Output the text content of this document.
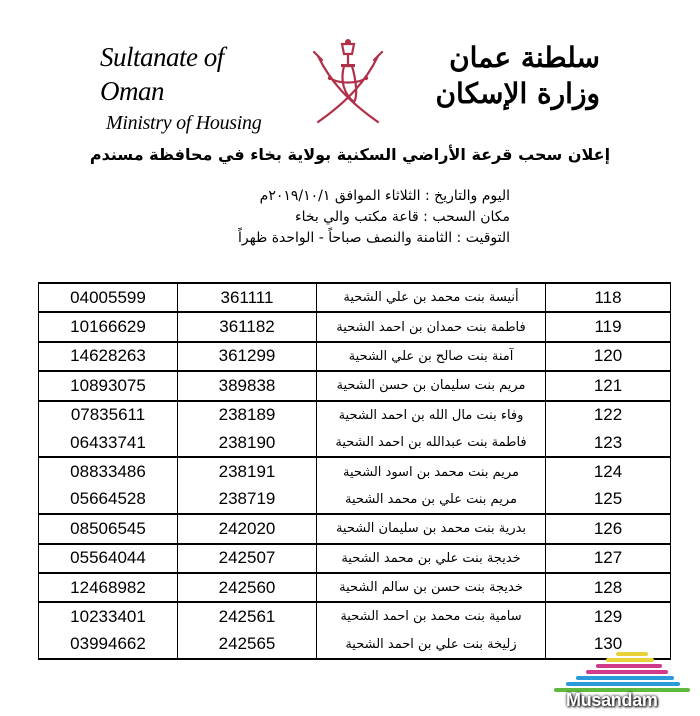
Sultanate of Oman
Ministry of Housing
سلطنة عمان
وزارة الإسكان
إعلان سحب قرعة الأراضي السكنية بولاية بخاء في محافظة مسندم
اليوم والتاريخ : الثلاثاء الموافق ٢٠١٩/١٠/١م
مكان السحب : قاعة مكتب والي بخاء
التوقيت : الثامنة والنصف صباحاً - الواحدة ظهراً
04005599	361111	أنيسة بنت محمد بن علي الشحية	118
10166629	361182	فاطمة بنت حمدان بن احمد الشحية	119
14628263	361299	آمنة بنت صالح بن علي الشحية	120
10893075	389838	مريم بنت سليمان بن حسن الشحية	121
07835611	238189	وفاء بنت مال الله بن احمد الشحية	122
06433741	238190	فاطمة بنت عبدالله بن احمد الشحية	123
08833486	238191	مريم بنت محمد بن اسود الشحية	124
05664528	238719	مريم بنت علي بن محمد الشحية	125
08506545	242020	بدرية بنت محمد بن سليمان الشحية	126
05564044	242507	خديجة بنت علي بن محمد الشحية	127
12468982	242560	خديجة بنت حسن بن سالم الشحية	128
10233401	242561	سامية بنت محمد بن احمد الشحية	129
03994662	242565	زليخة بنت علي بن احمد الشحية	130
Musandam
